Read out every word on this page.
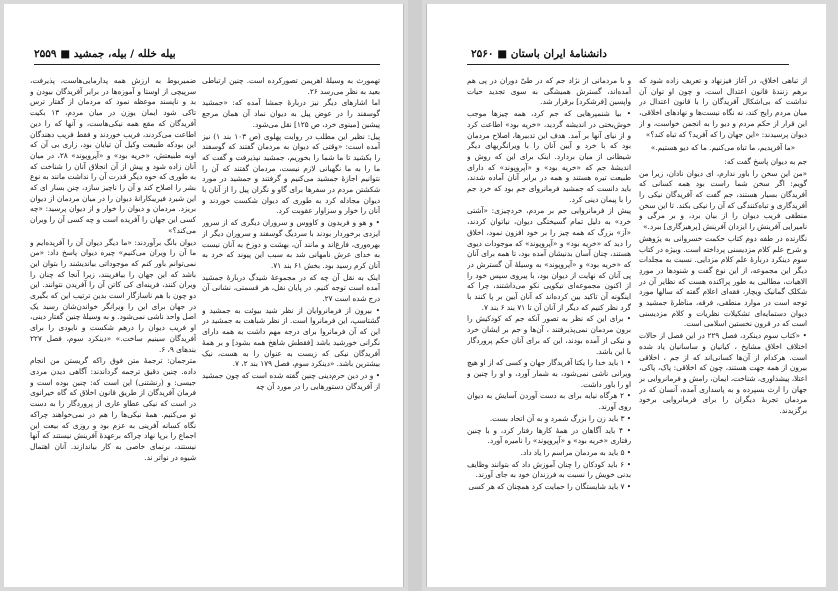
بیله خلله / بیله، جمشید ■ ۲۵۵۹

تهمورث به وسیلهٔ اهریمن تصورکرده است. چنین ارتباطی بعید به نظر می‌رسد ۲۶.

اما اشارهای دیگر نیز دربارهٔ جمشا آمده که: «جمشید گوسفند را در عوض پیل به دیوان نماد آن همان مرجع پیشین [مینوی خرد، ص ۱۲۵] نقل می‌شود.

پیل: نظیر این مطلب در روایت پهلوی (ص ۱۰۳ بند ۱) نیز آمده است: «وقتی که دیوان به مردمان گفتند که گوسفند را بکشید تا ما شما را بخوریم، جمشید نپذیرفت و گفت که ما را به ما نگهبانی لازم نیست، مردمان گفتند که آن را نتوانیم اجازهٔ جمشید می‌کنیم و گرفتند و جمشید در مورد شکشتن مردم در سفرها برای گاو و نگران پیل را از آنان با دیوان مجادله کرد به طوری که دیوان شکست خوردند و آنان را خوار و سزاوار عقوبت کرد.

• و هو و فریدون و کاووس و سروران دیگری که از سرور ایزدی برخوردار بودند با سردیگ گوسفند و سروران دیگر از بهره‌وری، فارغ‌اند و مانند آن، بهشت و دوزخ به آنان نیست به خدای عرش نامهانی شد به سبب این پیوند که خرد به آنان کرم رسید بود. بخش ۶۱ بند ۷۱.

اینک به نقل آن چه که در مجموعهٔ شیدگ دربارهٔ جمشید آمده است توجه کنیم. در پایان نقل، هر قسمتی، نشانی آن درج شده است ۲۷.

• بیرون از فرمانروایان از نظر شید بیوئت به جمشید و گشتاسپ، این فرمانروا است. از نظر شباهت به جمشید در این که آن فرمانروا برای درجه مهم داشت به همه دارای نگرانی خورشید باشد [فقطش شاهخ همه بشود] و بر همهٔ آفریدگان نیکی که زیست به عنوان را به هست، نیک بیشترین باشد. «دینکرد سوم، فصل ۱۷۹ بند ۲، ۷.

• و در دین حرم‌دینی چنین گفته شده است که چون جمشید از آفریدگان دستورهایی را در مورد آن چه

ضمیربوط به ارزش همه پدارمایی‌هاست، پذیرفت، سرپیچی از اوستا و آموزه‌ها در برابر آفریدگان بیودن و بد و ناپسند موعظه نمود که مردمان از گفتار ترس تاکی شود ایمان یوزن در میان مردم، ۱۳ بکیت آفریدگان که مقع همه نیکی‌هاست، و آنها که را دین اطاعت می‌کردند، فریب خوردند و فقط فریب دهندگان این بودکه طبیعت وکیل آن تیایان بود، زاری بی آن که اوبه طبیعتش، «خریه بود» و «آپروپوند» ۲۸، در میان آنان زاده شود و پیش از آن انجلاق آنان را شناخت که به طوری که حوه دیگر قدرت آن را نداشت مانند به نوع بشر را اصلاح کند و آن را ناچیز سازد، چنن بسار ای که این شیرد فیریبکارانهٔ دیوان را در میان مردمان از دیوان بریزد. مردمان و دیوان را خوار و از دیوان پرسید: «چه کسی این جهان را آفریده است و چه کسی آن را ویران می‌کند؟»

دیوان بانگ برآوردند: «ما دیگر دیوان آن را آفریده‌ایم و ما آن را ویران می‌کنیم» چیره دیوان پاسخ داد: «من نمی‌توانم باور کنم که موجوداتی بیاندیشند را بتوان این باشد که این جهان را بیافرینند، زیرا آنجا که چنان را ویران کنند، فرینه‌ای کی کاتن آن را آفریدن نتوانند. این دو چون با هم ناسازگار است بدین ترتیب این که بگیری در جهان برای این را ویرانگر خواندن‌شان رسید یک اصل واحد ناشی نمی‌شود. و به وسیلهٔ چنین گفتار دینی، او فریب دیوان را درهم شکست و نابودی را برای آفریدگان سینیم ساخت.» «دینکرد سوم، فصل ۲۲۷ بندهای ۹، ۶.

مترجمان: ترجمهٔ متن فوق راکه گریستن من انجام داده. چنین دقیق ترجمه گرداندند: آگاهی دیدن مردی جیسی: و (رنشتنی) این است که: چنین بوده است و فرمان آفریدگان از طریق قانون اخلاق که گاه خیرانوی در است که نیکی عطاو عاری از پروردگار را به دست تو می‌کنیم. همهٔ نیکی‌ها را هم در نمی‌خواهند چراکه نگاه کسانه آفرینی به عزم بود و روزی که بیعت این اجماع را برپا نهاد چراکه برعهدهٔ آفرینش نیستند که آنها نیستند، برنمای خاصی به کار بیاندازند. آنان اهتمال شیوه در نواتر ند.

۲۵۶۰ ■ دانشنامهٔ ایران باستان

از تباهی اخلاق، در آغاز فیزنهاد و تعریف زاده شود که برهم زنندهٔ قانون اعتدال است، و چون او توان آن نداشت که بی‌اشکال آفریدگان را با قانون اعتدال در میان مردم رایج کند، نه نگاه نیست‌ها و نهادهای اخلاقی، این قرار از حکم مردم و دیو را به انجمن خواست، و از دیوان پرسیدند: «این جهان را که آفرید؟ که تباه کند؟»

«ما آفریدیم، ما تباه می‌کنیم. ما که دیو هستیم.»

جم به دیوان پاسخ گفت که:

«من این سخن را باور ندارم، ای دیوان نادان، زیرا من گویم: اگر سخن شما راست بود همه کسانی که آفریدگان بسیار هستند، جم گفت که آفریدگان نیکی را آفریدگاری و تباه‌کنندگی که آن را نیکی بکند. تا این سخن منطقی فریب دیوان را از بیان برد، و بر مرگی و نامیرایی آفرینش را ایزدان آفرینش [پرهیزگاری] ببرد.»

نگارنده در طفه دوم کتاب حکمت خسروانی به پژوهش و شرح علم کلام مزدیسنی پرداخته است. وبیژه در کتاب سوم دینکرد دربارهٔ علم کلام مزدایی. نسبت به مجلدات دیگر این مجموعه، از این نوع گفت و شنودها در موردِ الاهیات، مطالبی به طور پراکنده هست که نظایر آن در شکلک گمانیک ویچار، فقه‌ای اعلام گفته که سالها مورد توجه است در موارد منطقی، فرقه، مناظرهٔ جمشید و دیوان دستمایه‌ای تشکیلات نظریات و کلام مزدیسنی است که در قرون نخستین اسلامی است.

• «کتاب سوم دینکرد، فصل ۲۲۹ در این فصل از حالات اختلاف اخلاق مشایخ ، کیانیان و ساسانیان یاد شده است. هرکدام از آن‌ها کسانی‌اند که از جم ، اخلاقی بیرون از همه جهت هستند، چون که اخلاقی: پاک، پاکی، اعتلا، پیشداوری، شناخت، ایمان، رامش و فرمانروایی بر جهان را ارث بسپرده و به پاسداری آمده، آنسان که در مردمان تجربهٔ دیگران را برای فرمانروایی برخود برگزیدند.

و با مردمانی از نژاد جم که در طیّ دوران در پی هم آمده‌اند، گسترش همیشگی به سوی تجدید حیات واپسین [فرشکرد] برقرار شد.

• بیا شنمپرهایی که جم کرد، همه چیزها موجب خوش‌بختی در اندیشه گردید، «خریه بود» اطاعت کرد و از نیای آنها بر آمد. هدف این تدبیرها، اصلاح مردمان بود که با خرد و آیین آنان را با ویرانگریهای دیگر شیطانی از میان بردارد. اینک برای این که روش و اندیشهٔ جم که «خریه بود» و «آپروپوند» که دارای طبیعت تیره هستند و همه در برابر آنان آماده شدند، باید دانست که جمشید فرمانروای جم بود که خرد جم را با پیمان دینی کرد.

پیش از فرمانروایی جم بر مردم، خردچیزی: «آشتی خرد» به دلیل تمام گسیختگی دیوان، نیاتوان کردند، «آز» بزرگ که همه چیز را بر خود افزون نمود، اخلاق را دید که «خریه بود» و «آپروپوند» که موجودات دیوی هستند، چنان آسان بدنیشان آمده بود، تا همه برای آنان که «خریه بود» و «آپروپوند» به وسیلهٔ آن گسترش در پی آنان که نهایت از دیوان بود، با پیروی سپس خود را از اکنون مجموعه‌ای نیکویی نکو می‌داشتند، چرا که اینگونه آن تاکید بین کرده‌اند که آنان آیین بر پا کنند با گرد نظر کنیم که دیگر از آنان آن تا ۷۱ بند ۶ بند ۷.

• برای این که نظر به تصور آنکه جم که کودکیش را برون مردمان نمی‌پذیرفتند ، آن‌ها و جم بر ایشان خرد و نیکی از آمده بودند، این که برای آنان حکم پروردگار با این باشد.

• ۱ باید خدا را یکتا آفریدگار جهان و کسی که از او هیچ ویرانی ناشی نمی‌شود، به شمار آورد، و او را چنین و او را باور داشت.

• ۲ هرگاه نیایه برای به دست آوردن آسایش به دیوان روی آورند.

• ۳ باید زن را بزرگ شمرد و به آن اتحاد بست.

• ۴ باید آگاهان در همهٔ کارها رفتار کرد، و با چنین رفتاری «خریه بود» و «آپروپوند» را نامیره آورد.

• ۵ باید به مردمان مراسم را یاد داد.

• ۶ باید کودکان را چنان آموزش داد که بتوانند وظایف بدنی خویش را نسبت به فرزندان خود به جای آورند.

• ۷ باید شایستگان را حمایت کرد همچنان که هر کسی
